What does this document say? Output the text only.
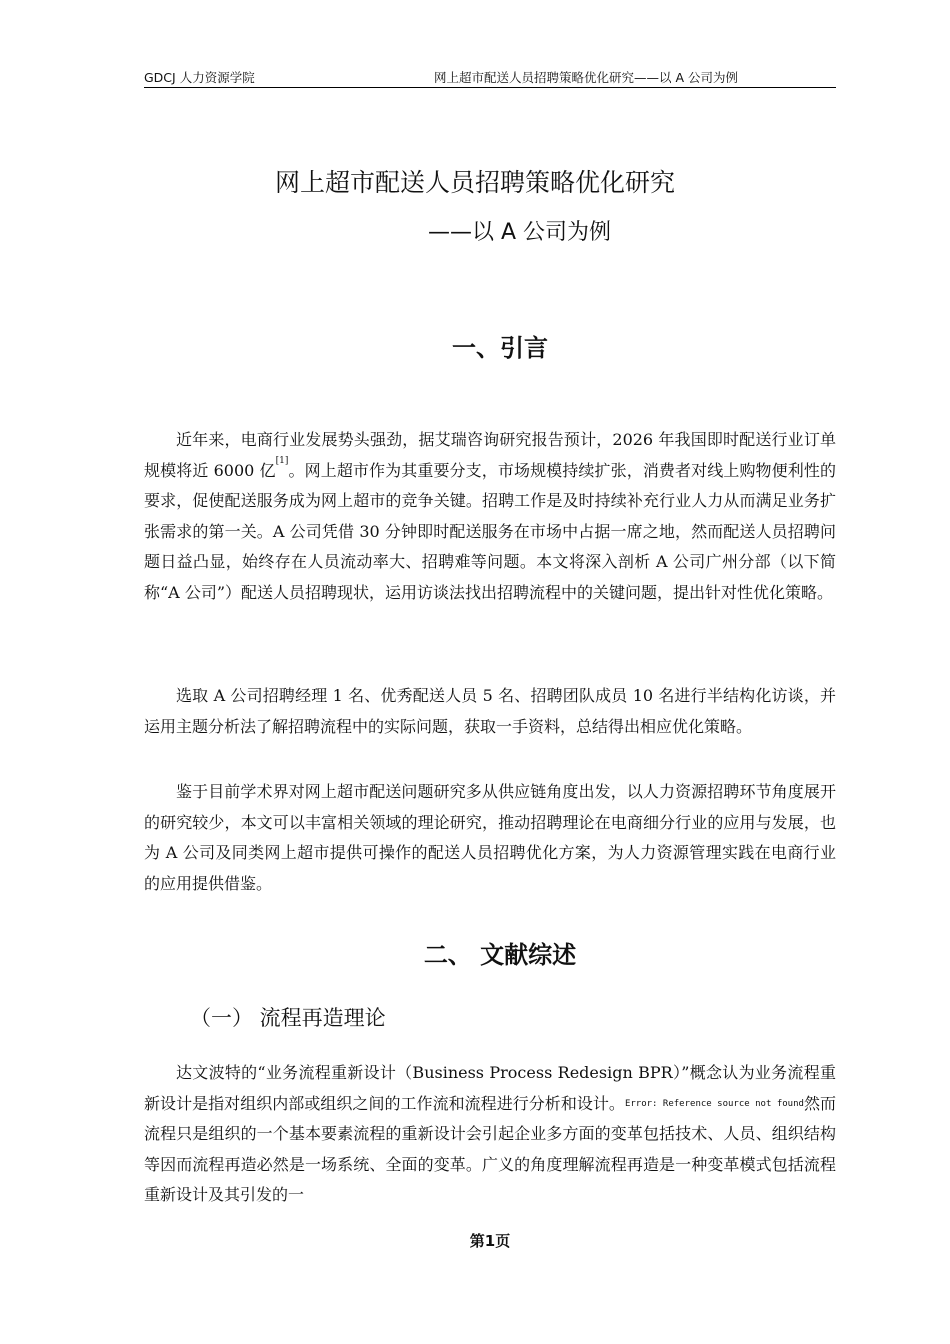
GDCJ 人力资源学院	网上超市配送人员招聘策略优化研究——以 A 公司为例
网上超市配送人员招聘策略优化研究
——以 A 公司为例
一、引言

近年来，电商行业发展势头强劲，据艾瑞咨询研究报告预计，2026 年我国即时配送行业订单规模将近 6000 亿[1]。网上超市作为其重要分支，市场规模持续扩张，消费者对线上购物便利性的要求，促使配送服务成为网上超市的竞争关键。招聘工作是及时持续补充行业人力从而满足业务扩张需求的第一关。A 公司凭借 30 分钟即时配送服务在市场中占据一席之地，然而配送人员招聘问题日益凸显，始终存在人员流动率大、招聘难等问题。本文将深入剖析 A 公司广州分部（以下简称“A 公司”）配送人员招聘现状，运用访谈法找出招聘流程中的关键问题，提出针对性优化策略。

选取 A 公司招聘经理 1 名、优秀配送人员 5 名、招聘团队成员 10 名进行半结构化访谈，并运用主题分析法了解招聘流程中的实际问题，获取一手资料，总结得出相应优化策略。

鉴于目前学术界对网上超市配送问题研究多从供应链角度出发，以人力资源招聘环节角度展开的研究较少，本文可以丰富相关领域的理论研究，推动招聘理论在电商细分行业的应用与发展，也为 A 公司及同类网上超市提供可操作的配送人员招聘优化方案，为人力资源管理实践在电商行业的应用提供借鉴。

二、 文献综述
（一） 流程再造理论

达文波特的“业务流程重新设计（Business Process Redesign BPR）”概念认为业务流程重新设计是指对组织内部或组织之间的工作流和流程进行分析和设计。$^{Error: Reference source not found}$然而流程只是组织的一个基本要素流程的重新设计会引起企业多方面的变革包括技术、人员、组织结构等因而流程再造必然是一场系统、全面的变革。广义的角度理解流程再造是一种变革模式包括流程重新设计及其引发的一

第1页
